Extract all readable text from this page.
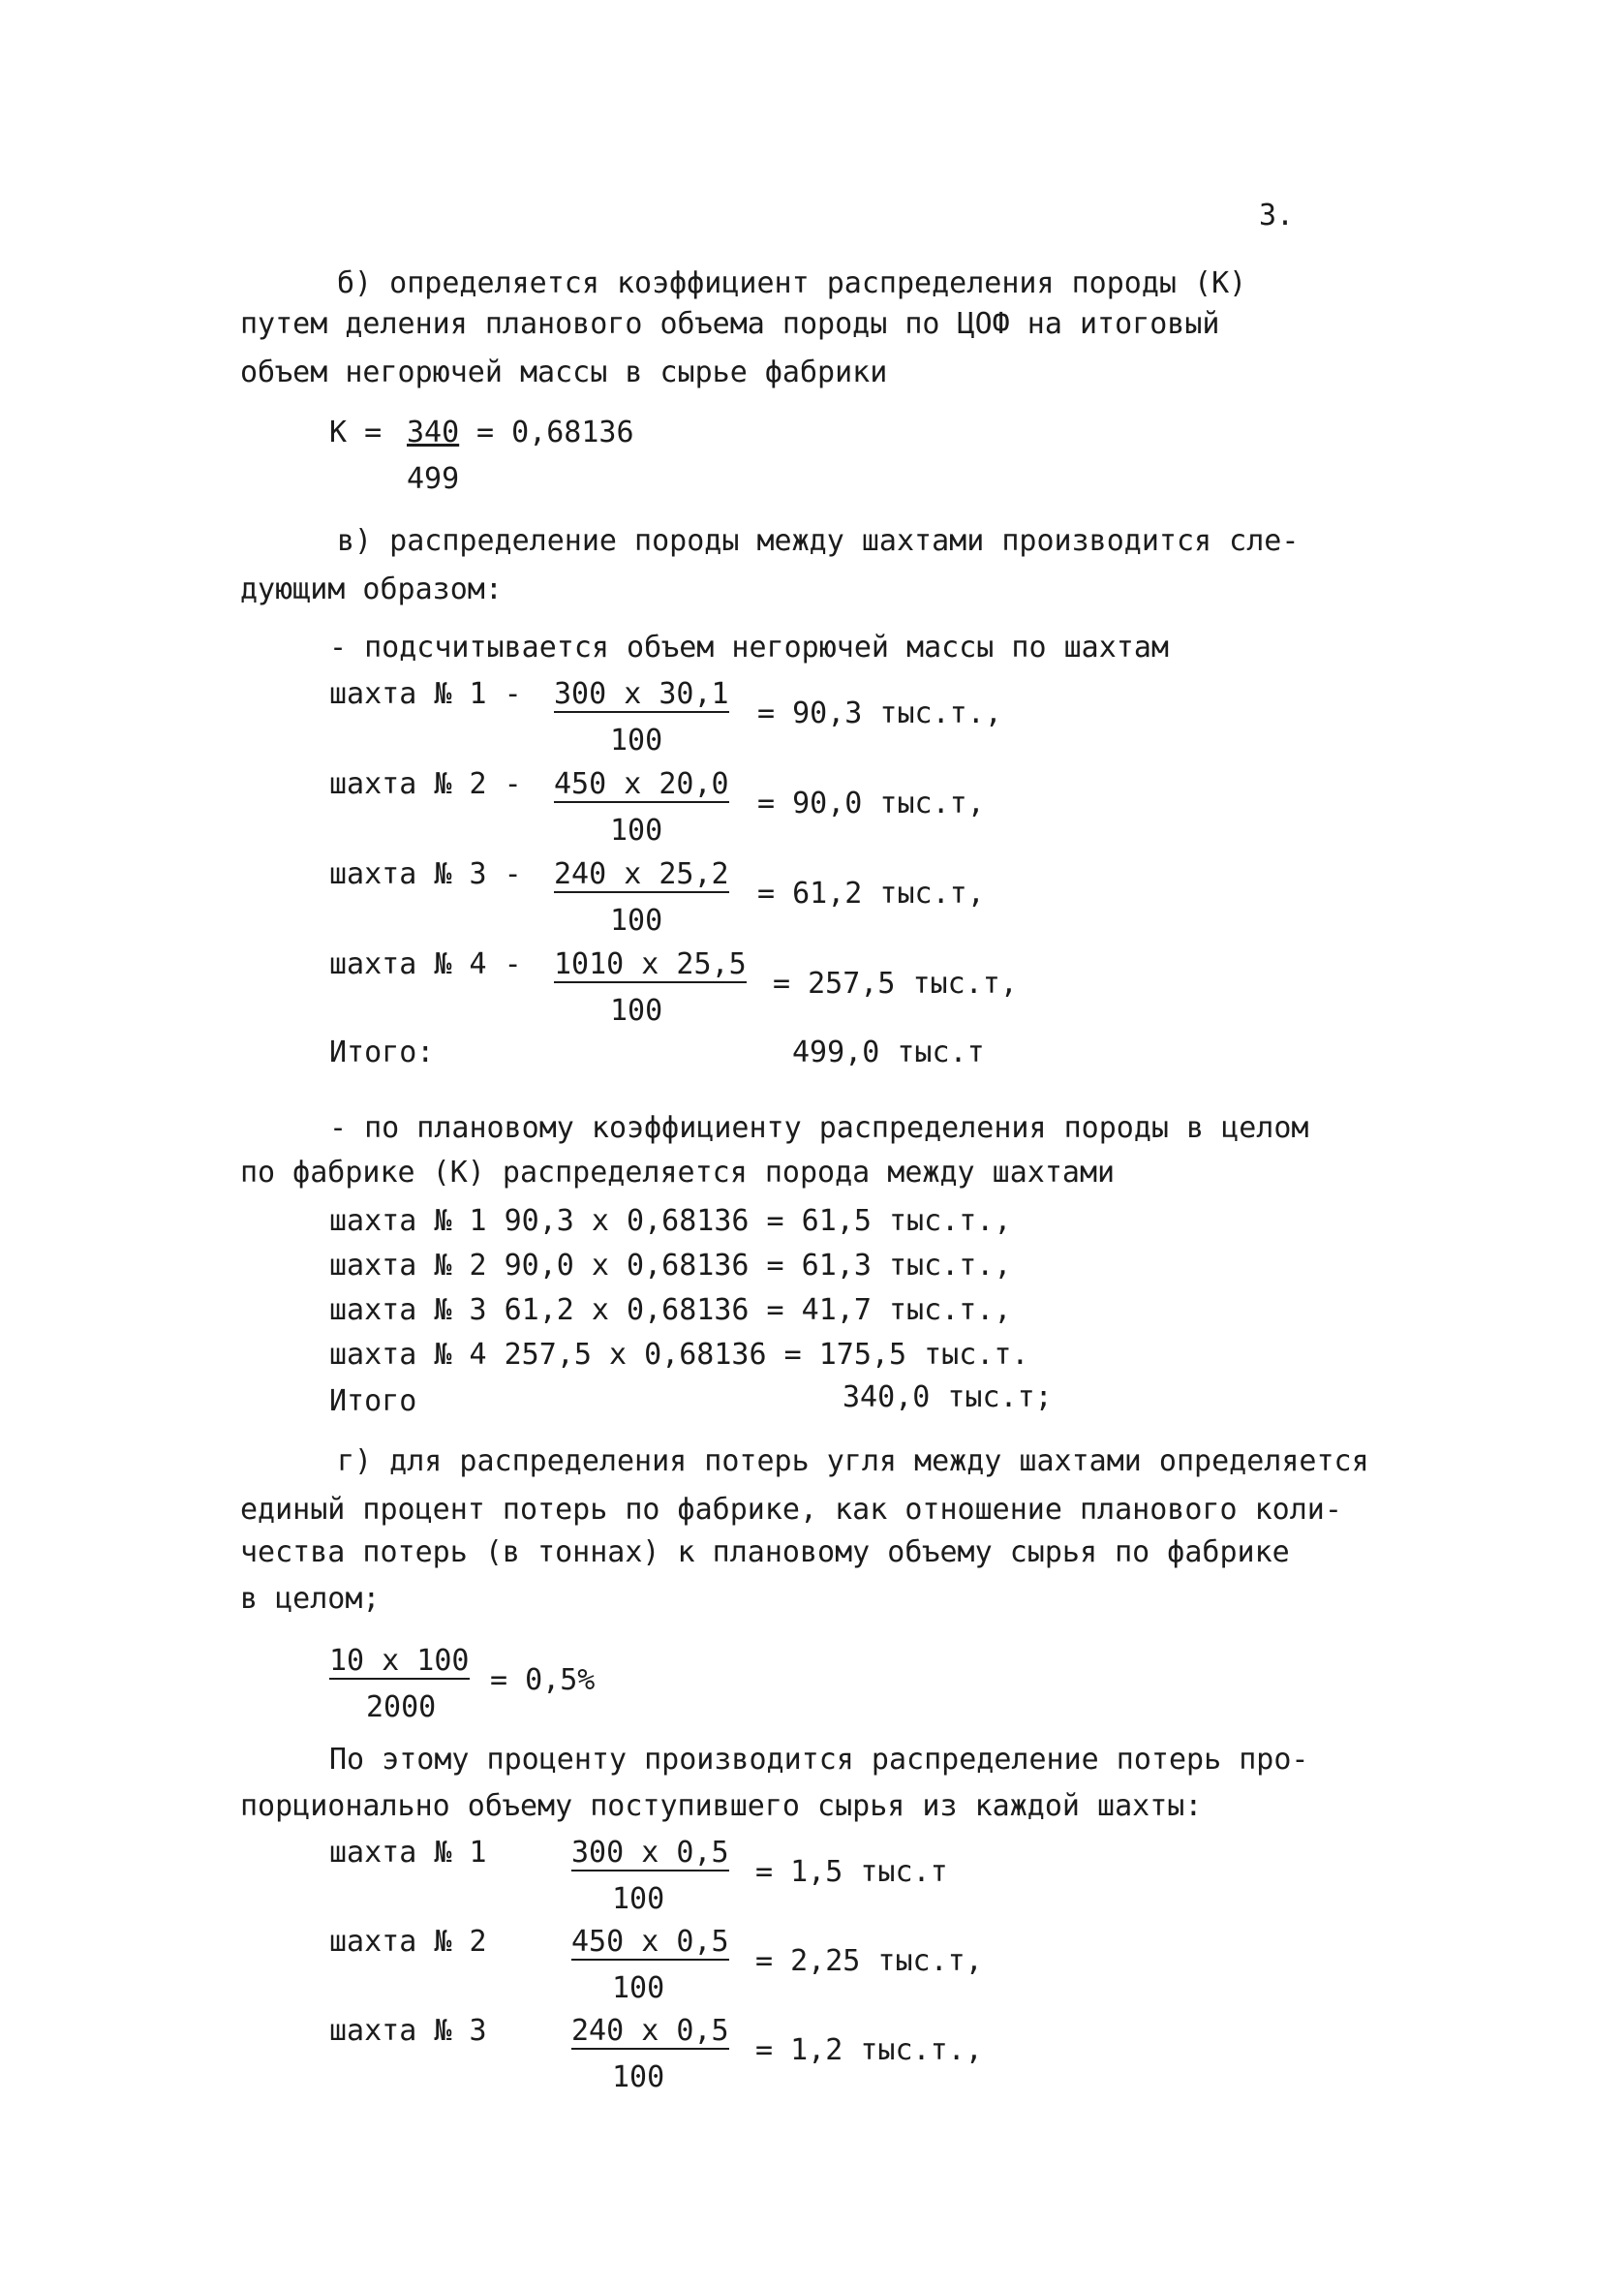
3.
б) определяется коэффициент распределения породы (К)
путем деления планового объема породы по ЦОФ на итоговый
объем негорючей массы в сырье фабрики
К = 340
499
= 0,68136
в) распределение породы между шахтами производится сле-
дующим образом:
- подсчитывается объем негорючей массы по шахтам
шахта № 1 - 300 х 30,1
100
= 90,3 тыс.т.,
шахта № 2 - 450 х 20,0
100
= 90,0 тыс.т,
шахта № 3 - 240 х 25,2
100
= 61,2 тыс.т,
шахта № 4 - 1010 х 25,5
100
= 257,5 тыс.т,
Итого:	499,0 тыс.т
- по плановому коэффициенту распределения породы в целом
по фабрике (К) распределяется порода между шахтами
шахта № 1 90,3 х 0,68136 = 61,5 тыс.т.,
шахта № 2 90,0 х 0,68136 = 61,3 тыс.т.,
шахта № 3 61,2 х 0,68136 = 41,7 тыс.т.,
шахта № 4 257,5 х 0,68136 = 175,5 тыс.т.
Итого	340,0 тыс.т;
г) для распределения потерь угля между шахтами определяется
единый процент потерь по фабрике, как отношение планового коли-
чества потерь (в тоннах) к плановому объему сырья по фабрике
в целом;
10 х 100
2000
= 0,5%
По этому проценту производится распределение потерь про-
порционально объему поступившего сырья из каждой шахты:
шахта № 1	300 х 0,5
100
= 1,5 тыс.т
шахта № 2	450 х 0,5
100
= 2,25 тыс.т,
шахта № 3	240 х 0,5
100
= 1,2 тыс.т.,
